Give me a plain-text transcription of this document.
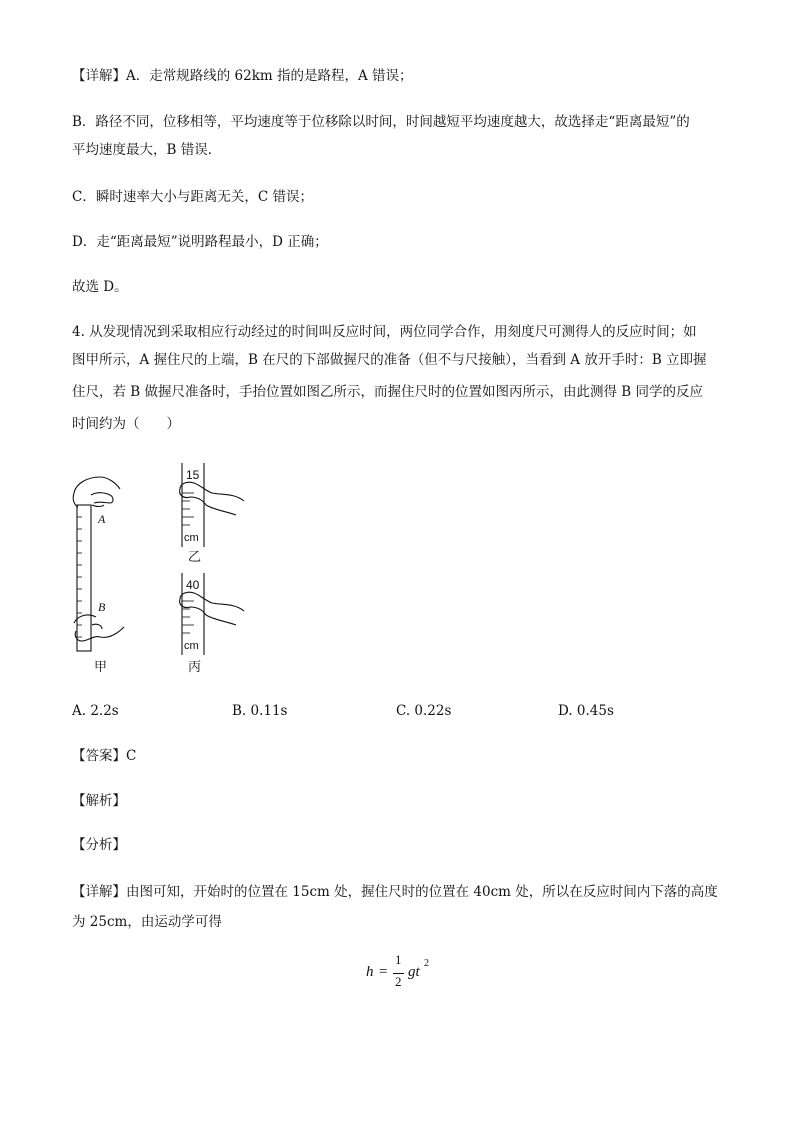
【详解】A．走常规路线的 62km 指的是路程，A 错误；
B．路径不同，位移相等，平均速度等于位移除以时间，时间越短平均速度越大，故选择走“距离最短”的
平均速度最大，B 错误．
C．瞬时速率大小与距离无关，C 错误；
D．走“距离最短”说明路程最小，D 正确；
故选 D。
4. 从发现情况到采取相应行动经过的时间叫反应时间，两位同学合作，用刻度尺可测得人的反应时间；如
图甲所示，A 握住尺的上端，B 在尺的下部做握尺的准备（但不与尺接触），当看到 A 放开手时：B 立即握
住尺，若 B 做握尺准备时，手抬位置如图乙所示，而握住尺时的位置如图丙所示，由此测得 B 同学的反应
时间约为（　　）
A
B
15
cm
乙
40
cm
丙
甲
A. 2.2s	B. 0.11s	C. 0.22s	D. 0.45s
【答案】C
【解析】
【分析】
【详解】由图可知，开始时的位置在 15cm 处，握住尺时的位置在 40cm 处，所以在反应时间内下落的高度
为 25cm，由运动学可得
h =
1
2
gt
2
